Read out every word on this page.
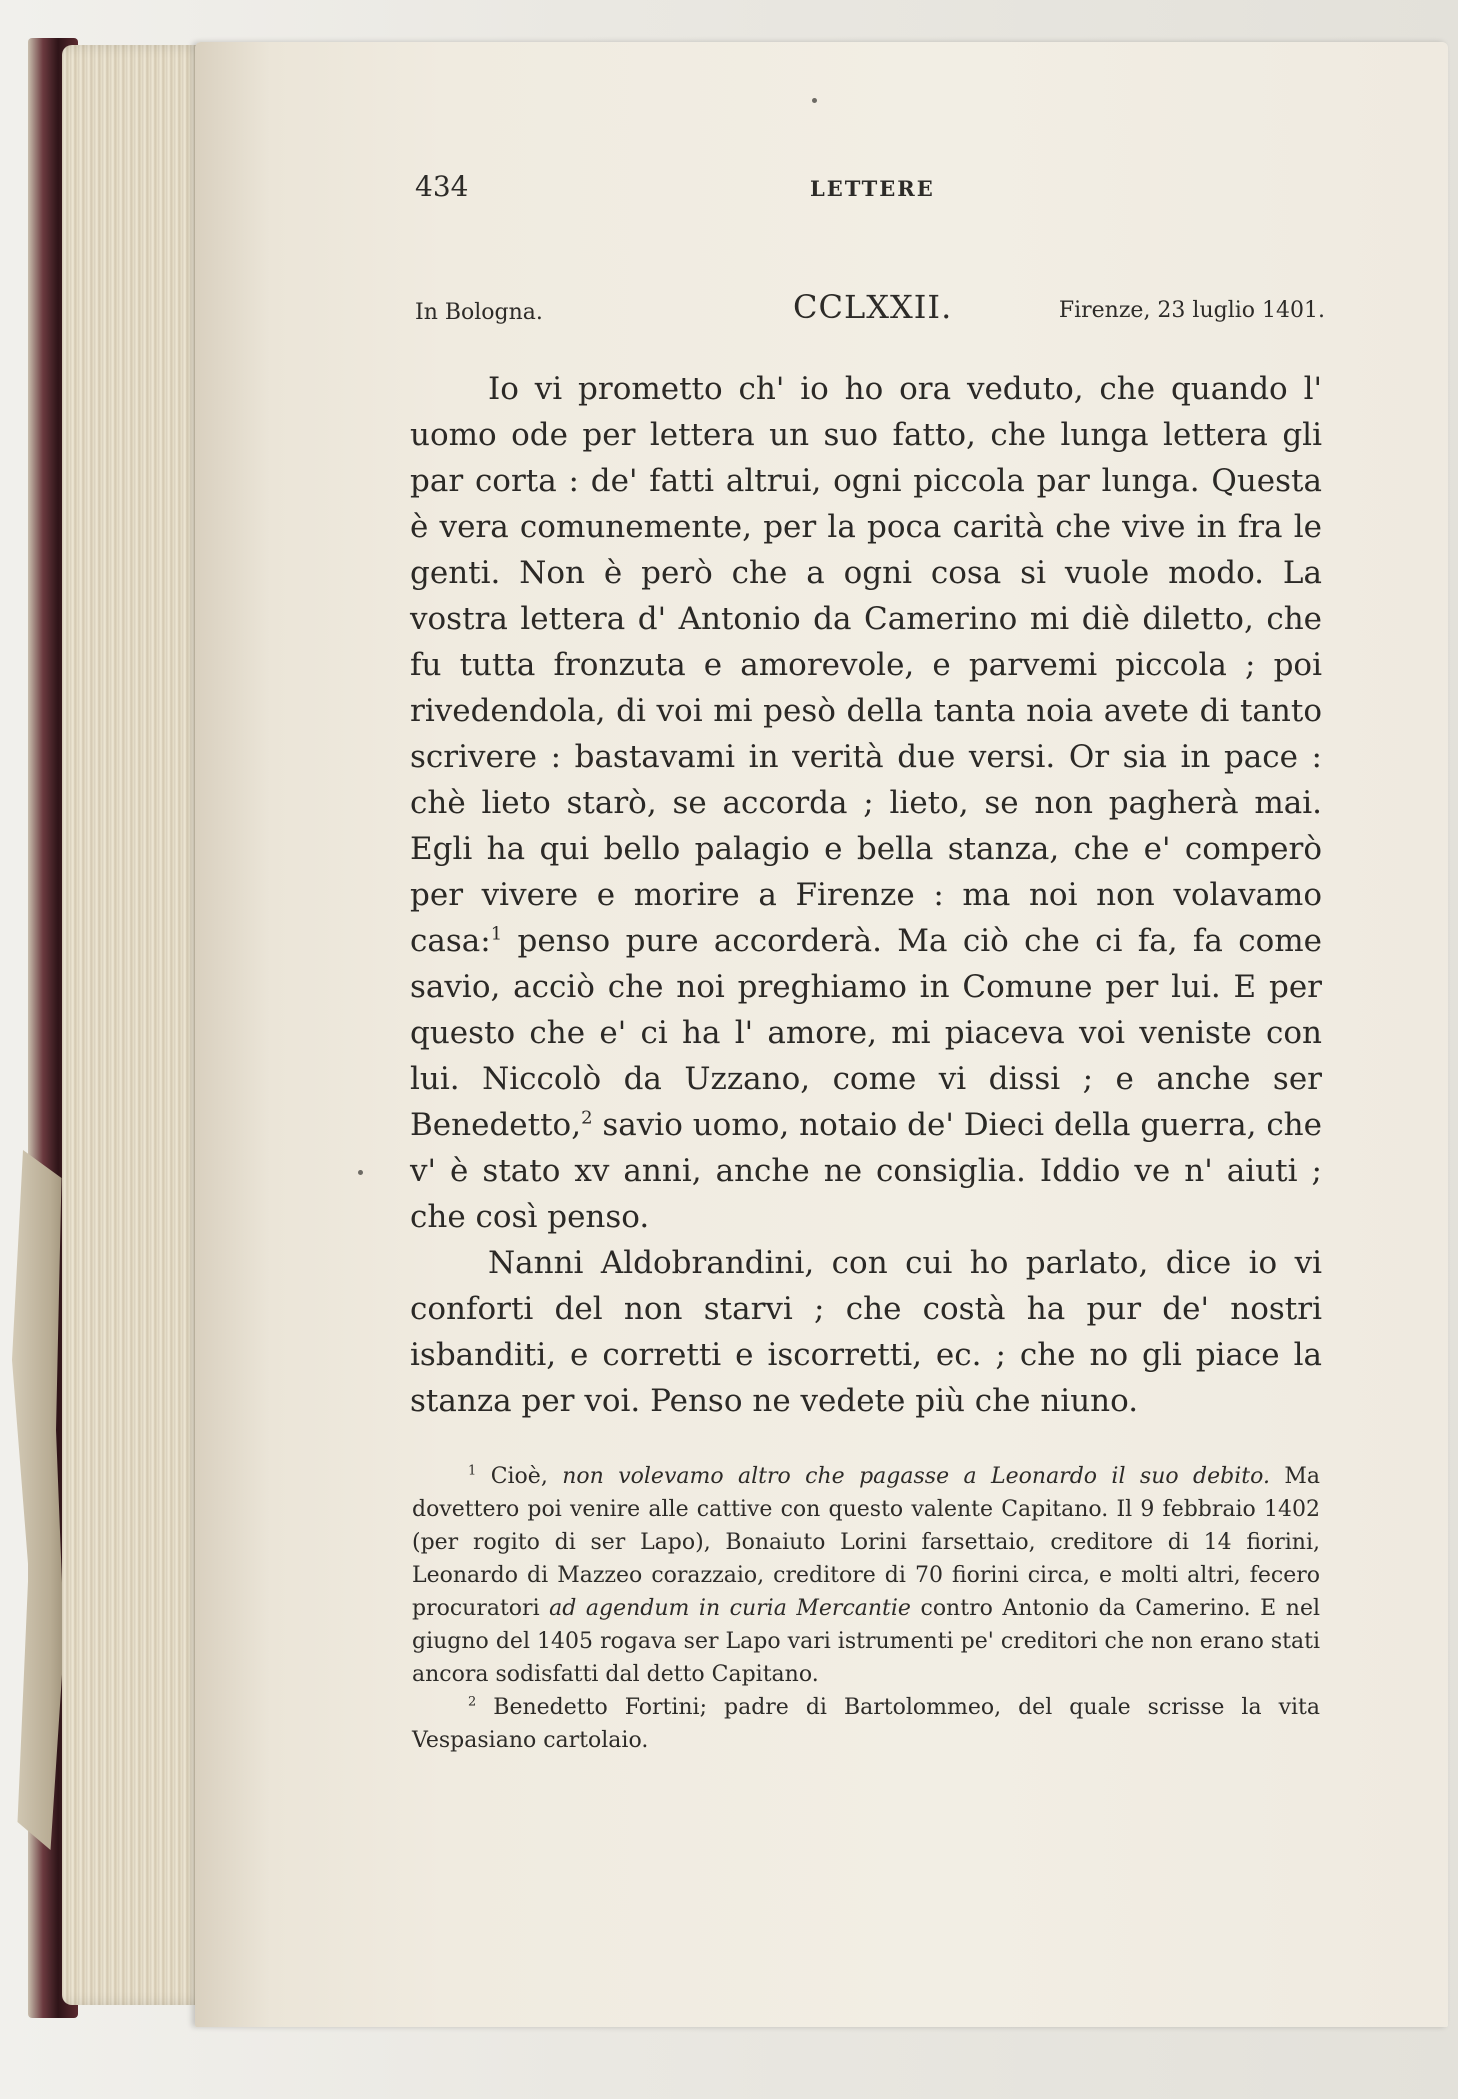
434	LETTERE
In Bologna.	CCLXXII.	Firenze, 23 luglio 1401.

Io vi prometto ch' io ho ora veduto, che quando l' uomo ode per lettera un suo fatto, che lunga lettera gli par corta : de' fatti altrui, ogni piccola par lunga. Questa è vera comunemente, per la poca carità che vive in fra le genti. Non è però che a ogni cosa si vuole modo. La vostra lettera d' Antonio da Camerino mi diè diletto, che fu tutta fronzuta e amorevole, e parvemi piccola ; poi rivedendola, di voi mi pesò della tanta noia avete di tanto scrivere : bastavami in verità due versi. Or sia in pace : chè lieto starò, se accorda ; lieto, se non pagherà mai. Egli ha qui bello palagio e bella stanza, che e' comperò per vivere e morire a Firenze : ma noi non volavamo casa:$^1$ penso pure accorderà. Ma ciò che ci fa, fa come savio, acciò che noi preghiamo in Comune per lui. E per questo che e' ci ha l' amore, mi piaceva voi veniste con lui. Niccolò da Uzzano, come vi dissi ; e anche ser Benedetto,$^2$ savio uomo, notaio de' Dieci della guerra, che v' è stato xv anni, anche ne consiglia. Iddio ve n' aiuti ; che così penso.

Nanni Aldobrandini, con cui ho parlato, dice io vi conforti del non starvi ; che costà ha pur de' nostri isbanditi, e corretti e iscorretti, ec. ; che no gli piace la stanza per voi. Penso ne vedete più che niuno.

$^1$ Cioè, non volevamo altro che pagasse a Leonardo il suo debito. Ma dovettero poi venire alle cattive con questo valente Capitano. Il 9 febbraio 1402 (per rogito di ser Lapo), Bonaiuto Lorini farsettaio, creditore di 14 fiorini, Leonardo di Mazzeo corazzaio, creditore di 70 fiorini circa, e molti altri, fecero procuratori ad agendum in curia Mercantie contro Antonio da Camerino. E nel giugno del 1405 rogava ser Lapo vari istrumenti pe' creditori che non erano stati ancora sodisfatti dal detto Capitano.

$^2$ Benedetto Fortini; padre di Bartolommeo, del quale scrisse la vita Vespasiano cartolaio.
